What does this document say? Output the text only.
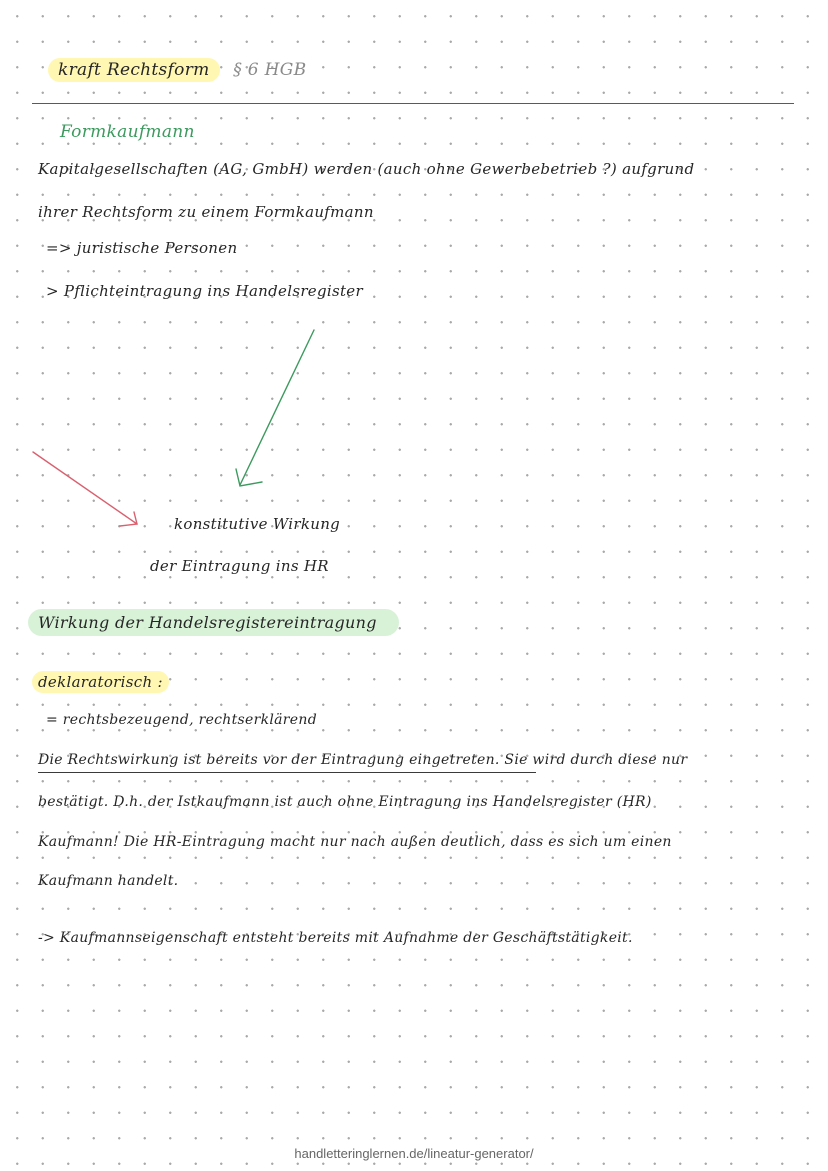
kraft Rechtsform § 6 HGB
Formkaufmann
Kapitalgesellschaften (AG, GmbH) werden (auch ohne Gewerbebetrieb ?) aufgrund
ihrer Rechtsform zu einem Formkaufmann
=> juristische Personen
> Pflichteintragung ins Handelsregister
konstitutive Wirkung
der Eintragung ins HR
Wirkung der Handelsregistereintragung
deklaratorisch :
= rechtsbezeugend, rechtserklärend
Die Rechtswirkung ist bereits vor der Eintragung eingetreten. Sie wird durch diese nur
bestätigt. D.h. der Istkaufmann ist auch ohne Eintragung ins Handelsregister (HR)
Kaufmann! Die HR-Eintragung macht nur nach außen deutlich, dass es sich um einen
Kaufmann handelt.
-> Kaufmannseigenschaft entsteht bereits mit Aufnahme der Geschäftstätigkeit.
handletteringlernen.de/lineatur-generator/
